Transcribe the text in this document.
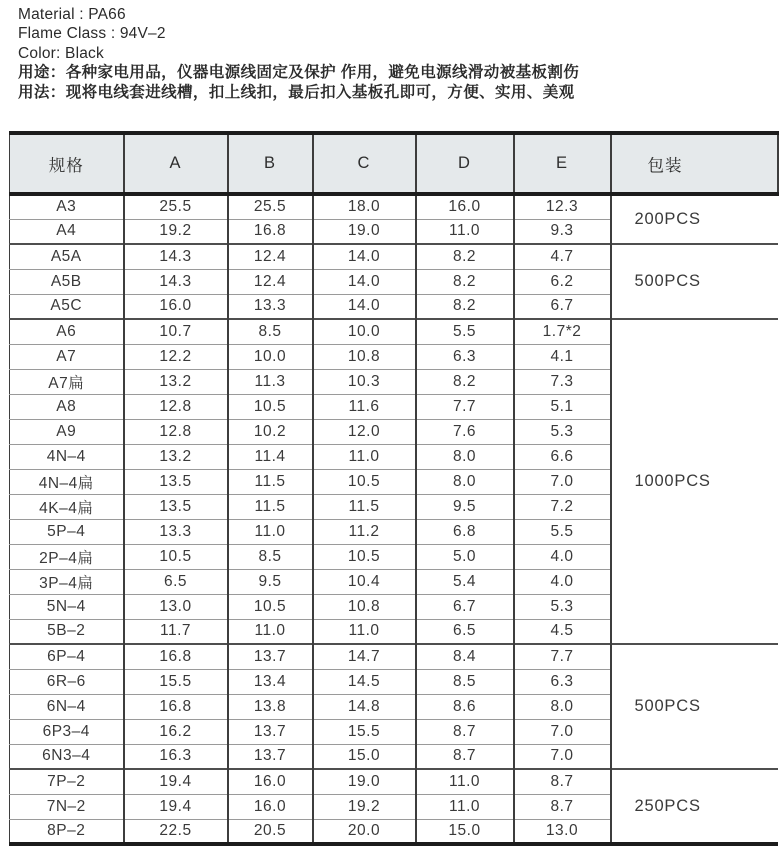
Material : PA66
Flame Class : 94V–2
Color: Black
用途：各种家电用品，仪器电源线固定及保护 作用，避免电源线滑动被基板割伤
用法：现将电线套进线槽，扣上线扣，最后扣入基板孔即可，方便、实用、美观
规格	A	B	C	D	E	包装
A3	25.5	25.5	18.0	16.0	12.3	200PCS
A4	19.2	16.8	19.0	11.0	9.3	
A5A	14.3	12.4	14.0	8.2	4.7	500PCS
A5B	14.3	12.4	14.0	8.2	6.2	
A5C	16.0	13.3	14.0	8.2	6.7	
A6	10.7	8.5	10.0	5.5	1.7*2	1000PCS
A7	12.2	10.0	10.8	6.3	4.1	
A7扁	13.2	11.3	10.3	8.2	7.3	
A8	12.8	10.5	11.6	7.7	5.1	
A9	12.8	10.2	12.0	7.6	5.3	
4N–4	13.2	11.4	11.0	8.0	6.6	
4N–4扁	13.5	11.5	10.5	8.0	7.0	
4K–4扁	13.5	11.5	11.5	9.5	7.2	
5P–4	13.3	11.0	11.2	6.8	5.5	
2P–4扁	10.5	8.5	10.5	5.0	4.0	
3P–4扁	6.5	9.5	10.4	5.4	4.0	
5N–4	13.0	10.5	10.8	6.7	5.3	
5B–2	11.7	11.0	11.0	6.5	4.5	
6P–4	16.8	13.7	14.7	8.4	7.7	500PCS
6R–6	15.5	13.4	14.5	8.5	6.3	
6N–4	16.8	13.8	14.8	8.6	8.0	
6P3–4	16.2	13.7	15.5	8.7	7.0	
6N3–4	16.3	13.7	15.0	8.7	7.0	
7P–2	19.4	16.0	19.0	11.0	8.7	250PCS
7N–2	19.4	16.0	19.2	11.0	8.7	
8P–2	22.5	20.5	20.0	15.0	13.0	
